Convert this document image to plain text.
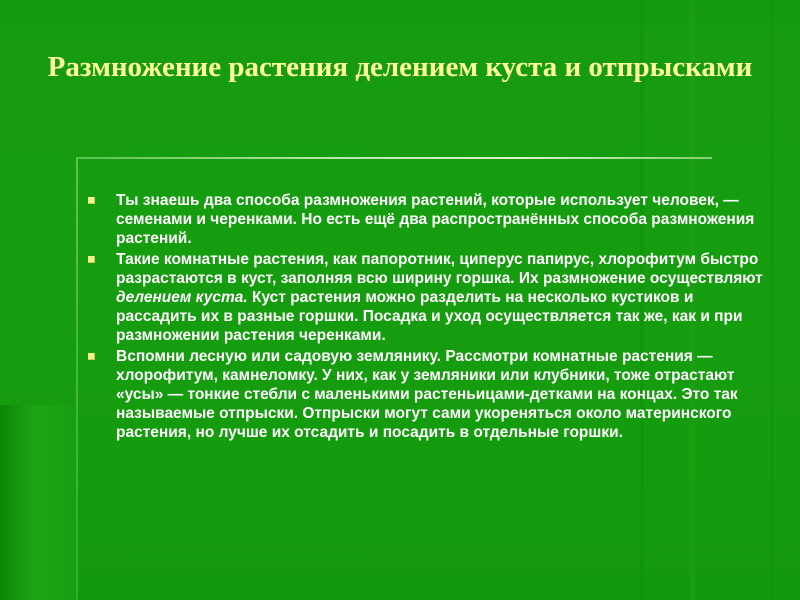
Размножение растения делением куста и отпрысками
Ты знаешь два способа размножения растений, которые использует человек, — семенами и черенками. Но есть ещё два распространённых способа размножения растений.
Такие комнатные растения, как папоротник, циперус папирус, хлорофитум быстро разрастаются в куст, заполняя всю ширину горшка. Их размножение осуществляют делением куста. Куст растения можно разделить на несколько кустиков и рассадить их в разные горшки. Посадка и уход осуществляется так же, как и при размножении растения черенками.
Вспомни лесную или садовую землянику. Рассмотри комнатные растения — хлорофитум, камнеломку. У них, как у земляники или клубники, тоже отрастают «усы» — тонкие стебли с маленькими растеньицами-детками на концах. Это так называемые отпрыски. Отпрыски могут сами укореняться около материнского растения, но лучше их отсадить и посадить в отдельные горшки.
